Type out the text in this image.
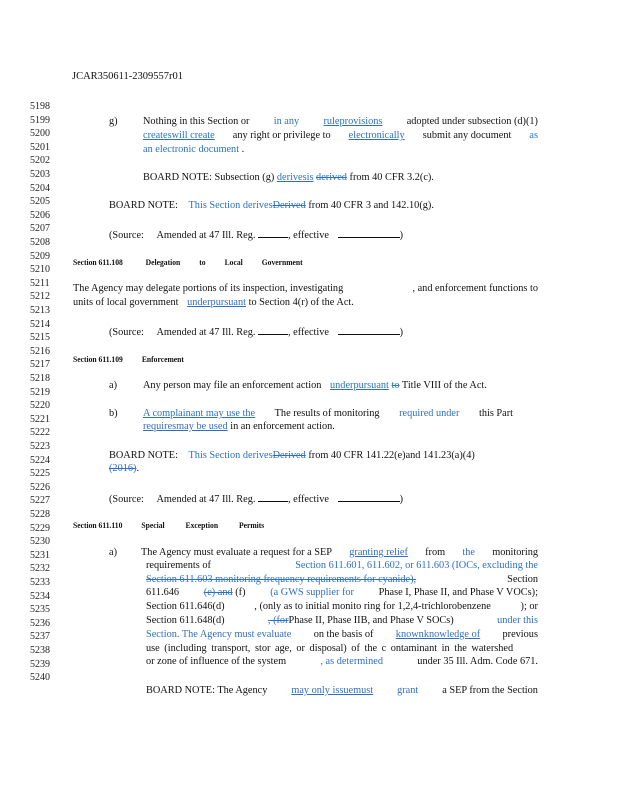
JCAR350611-2309557r01
5198
5199
5200
5201
5202
5203
5204
5205
5206
5207
5208
5209
5210
5211
5212
5213
5214
5215
5216
5217
5218
5219
5220
5221
5222
5223
5224
5225
5226
5227
5228
5229
5230
5231
5232
5233
5234
5235
5236
5237
5238
5239
5240
g) Nothing in this Section or in any ruleprovisions adopted under subsection (d)(1)
createswill create any right or privilege to electronically submit any document as
an electronic document .
BOARD NOTE: Subsection (g) derivesis derived from 40 CFR 3.2(c).
BOARD NOTE: This Section derivesDerived from 40 CFR 3 and 142.10(g).
(Source: Amended at 47 Ill. Reg.	, effective	)
Section 611.108	Delegation to Local Government
The Agency may delegate portions of its inspection, investigating	, and enforcement functions to
units of local government underpursuant to Section 4(r) of the Act.
(Source: Amended at 47 Ill. Reg.	, effective	)
Section 611.109 Enforcement
a)	Any person may file an enforcement action underpursuant to Title VIII of the Act.
b) A complainant may use the The results of monitoring required under this Part
requiresmay be used in an enforcement action.
BOARD NOTE: This Section derivesDerived from 40 CFR 141.22(e)and 141.23(a)(4)
(2016).
(Source: Amended at 47 Ill. Reg.	, effective	)
Section 611.110 Special Exception Permits
a) The Agency must evaluate a request for a SEP granting relief from the monitoring
requirements of	Section 611.601, 611.602, or 611.603 (IOCs, excluding the
Section 611.603 monitoring frequency requirements for cyanide),	Section
611.646 (e) and (f) (a GWS supplier for Phase I, Phase II, and Phase V VOCs);
Section 611.646(d)	, (only as to initial monito ring for 1,2,4-trichlorobenzene	); or
Section 611.648(d)	, (forPhase II, Phase IIB, and Phase V SOCs)	under this
Section. The Agency must evaluate on the basis of knownknowledge of previous
use (including transport, stor age, or disposal) of the c ontaminant in the watershed
or zone of influence of the system	, as determined	under 35 Ill. Adm. Code 671.
BOARD NOTE: The Agency may only issuemust grant a SEP from the Section
